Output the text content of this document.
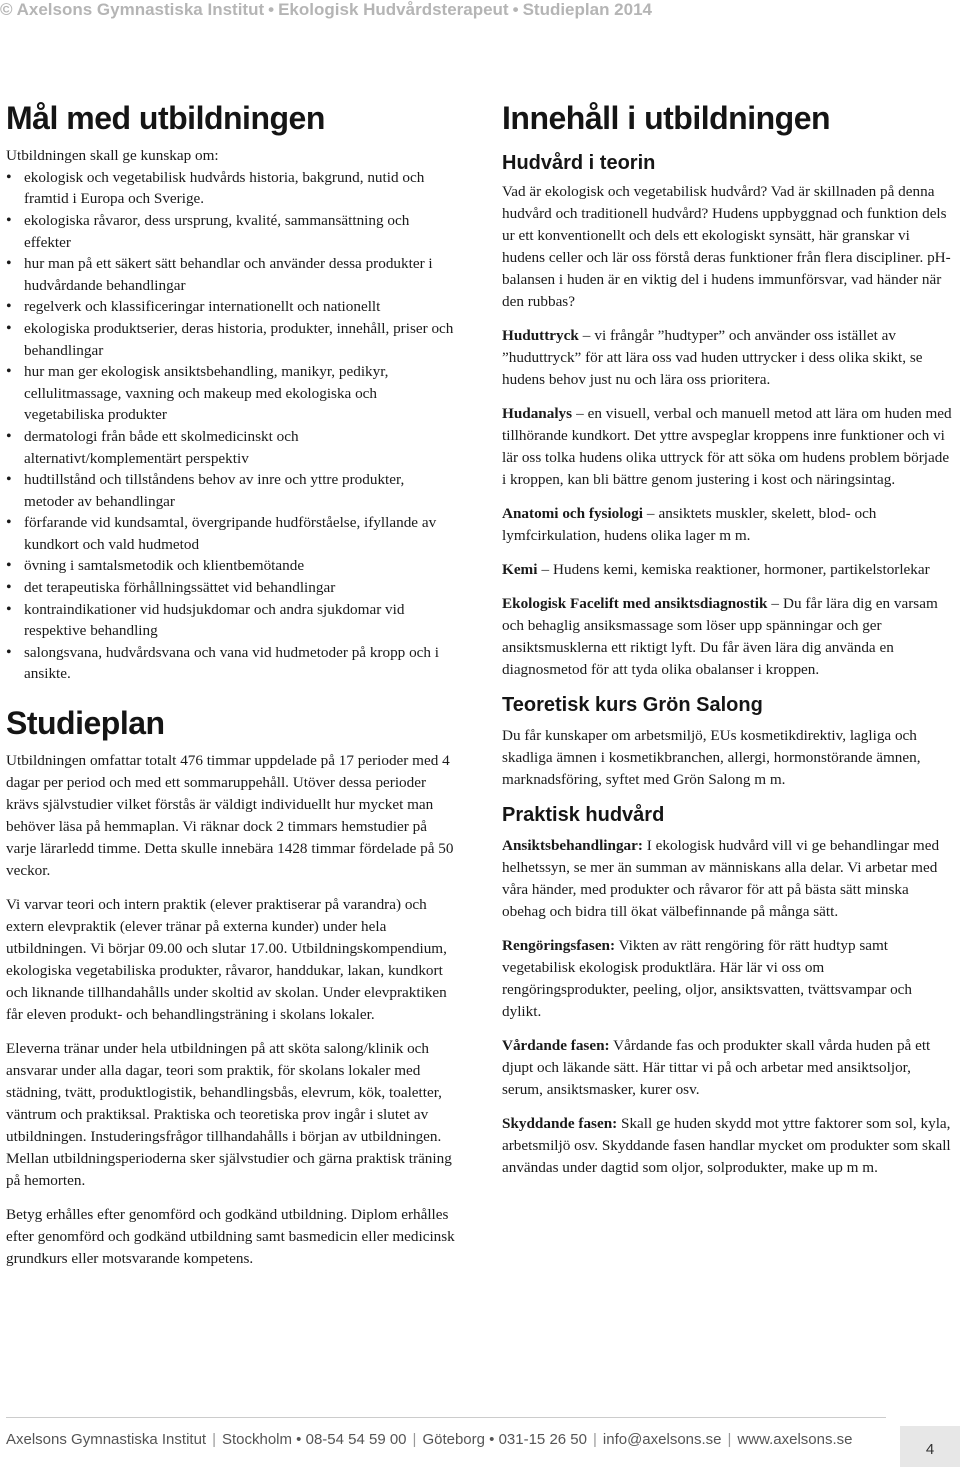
© Axelsons Gymnastiska Institut • Ekologisk Hudvårdsterapeut • Studieplan 2014
Mål med utbildningen

Utbildningen skall ge kunskap om:

• ekologisk och vegetabilisk hudvårds historia, bakgrund, nutid och framtid i Europa och Sverige.
• ekologiska råvaror, dess ursprung, kvalité, sammansättning och effekter
• hur man på ett säkert sätt behandlar och använder dessa produkter i hudvårdande behandlingar
• regelverk och klassificeringar internationellt och nationellt
• ekologiska produktserier, deras historia, produkter, innehåll, priser och behandlingar
• hur man ger ekologisk ansiktsbehandling, manikyr, pedikyr, cellulitmassage, vaxning och makeup med ekologiska och vegetabiliska produkter
• dermatologi från både ett skolmedicinskt och alternativt/komplementärt perspektiv
• hudtillstånd och tillståndens behov av inre och yttre produkter, metoder av behandlingar
• förfarande vid kundsamtal, övergripande hudförståelse, ifyllande av kundkort och vald hudmetod
• övning i samtalsmetodik och klientbemötande
• det terapeutiska förhållningssättet vid behandlingar
• kontraindikationer vid hudsjukdomar och andra sjukdomar vid respektive behandling
• salongsvana, hudvårdsvana och vana vid hudmetoder på kropp och i ansikte.
Studieplan

Utbildningen omfattar totalt 476 timmar uppdelade på 17 perioder med 4 dagar per period och med ett sommaruppehåll. Utöver dessa perioder krävs självstudier vilket förstås är väldigt individuellt hur mycket man behöver läsa på hemmaplan. Vi räknar dock 2 timmars hemstudier på varje lärarledd timme. Detta skulle innebära 1428 timmar fördelade på 50 veckor.

Vi varvar teori och intern praktik (elever praktiserar på varandra) och extern elevpraktik (elever tränar på externa kunder) under hela utbildningen. Vi börjar 09.00 och slutar 17.00. Utbildningskompendium, ekologiska vegetabiliska produkter, råvaror, handdukar, lakan, kundkort och liknande tillhandahålls under skoltid av skolan. Under elevpraktiken får eleven produkt- och behandlingsträning i skolans lokaler.

Eleverna tränar under hela utbildningen på att sköta salong/klinik och ansvarar under alla dagar, teori som praktik, för skolans lokaler med städning, tvätt, produktlogistik, behandlingsbås, elevrum, kök, toaletter, väntrum och praktiksal. Praktiska och teoretiska prov ingår i slutet av utbildningen. Instuderingsfrågor tillhandahålls i början av utbildningen. Mellan utbildningsperioderna sker självstudier och gärna praktisk träning på hemorten.

Betyg erhålles efter genomförd och godkänd utbildning. Diplom erhålles efter genomförd och godkänd utbildning samt basmedicin eller medicinsk grundkurs eller motsvarande kompetens.

Innehåll i utbildningen
Hudvård i teorin

Vad är ekologisk och vegetabilisk hudvård? Vad är skillnaden på denna hudvård och traditionell hudvård? Hudens uppbyggnad och funktion dels ur ett konventionellt och dels ett ekologiskt synsätt, här granskar vi hudens celler och lär oss förstå deras funktioner från flera discipliner. pH-balansen i huden är en viktig del i hudens immunförsvar, vad händer när den rubbas?

Huduttryck – vi frångår ”hudtyper” och använder oss istället av ”huduttryck” för att lära oss vad huden uttrycker i dess olika skikt, se hudens behov just nu och lära oss prioritera.

Hudanalys – en visuell, verbal och manuell metod att lära om huden med tillhörande kundkort. Det yttre avspeglar kroppens inre funktioner och vi lär oss tolka hudens olika uttryck för att söka om hudens problem började i kroppen, kan bli bättre genom justering i kost och näringsintag.

Anatomi och fysiologi – ansiktets muskler, skelett, blod- och lymfcirkulation, hudens olika lager m m.

Kemi – Hudens kemi, kemiska reaktioner, hormoner, partikelstorlekar

Ekologisk Facelift med ansiktsdiagnostik – Du får lära dig en varsam och behaglig ansiksmassage som löser upp spänningar och ger ansiktsmusklerna ett riktigt lyft. Du får även lära dig använda en diagnosmetod för att tyda olika obalanser i kroppen.

Teoretisk kurs Grön Salong

Du får kunskaper om arbetsmiljö, EUs kosmetikdirektiv, lagliga och skadliga ämnen i kosmetikbranchen, allergi, hormonstörande ämnen, marknadsföring, syftet med Grön Salong m m.

Praktisk hudvård

Ansiktsbehandlingar: I ekologisk hudvård vill vi ge behandlingar med helhetssyn, se mer än summan av människans alla delar. Vi arbetar med våra händer, med produkter och råvaror för att på bästa sätt minska obehag och bidra till ökat välbefinnande på många sätt.

Rengöringsfasen: Vikten av rätt rengöring för rätt hudtyp samt vegetabilisk ekologisk produktlära. Här lär vi oss om rengöringsprodukter, peeling, oljor, ansiktsvatten, tvättsvampar och dylikt.

Vårdande fasen: Vårdande fas och produkter skall vårda huden på ett djupt och läkande sätt. Här tittar vi på och arbetar med ansiktsoljor, serum, ansiktsmasker, kurer osv.

Skyddande fasen: Skall ge huden skydd mot yttre faktorer som sol, kyla, arbetsmiljö osv. Skyddande fasen handlar mycket om produkter som skall användas under dagtid som oljor, solprodukter, make up m m.

Axelsons Gymnastiska Institut | Stockholm • 08-54 54 59 00 | Göteborg • 031-15 26 50 | info@axelsons.se | www.axelsons.se
4
